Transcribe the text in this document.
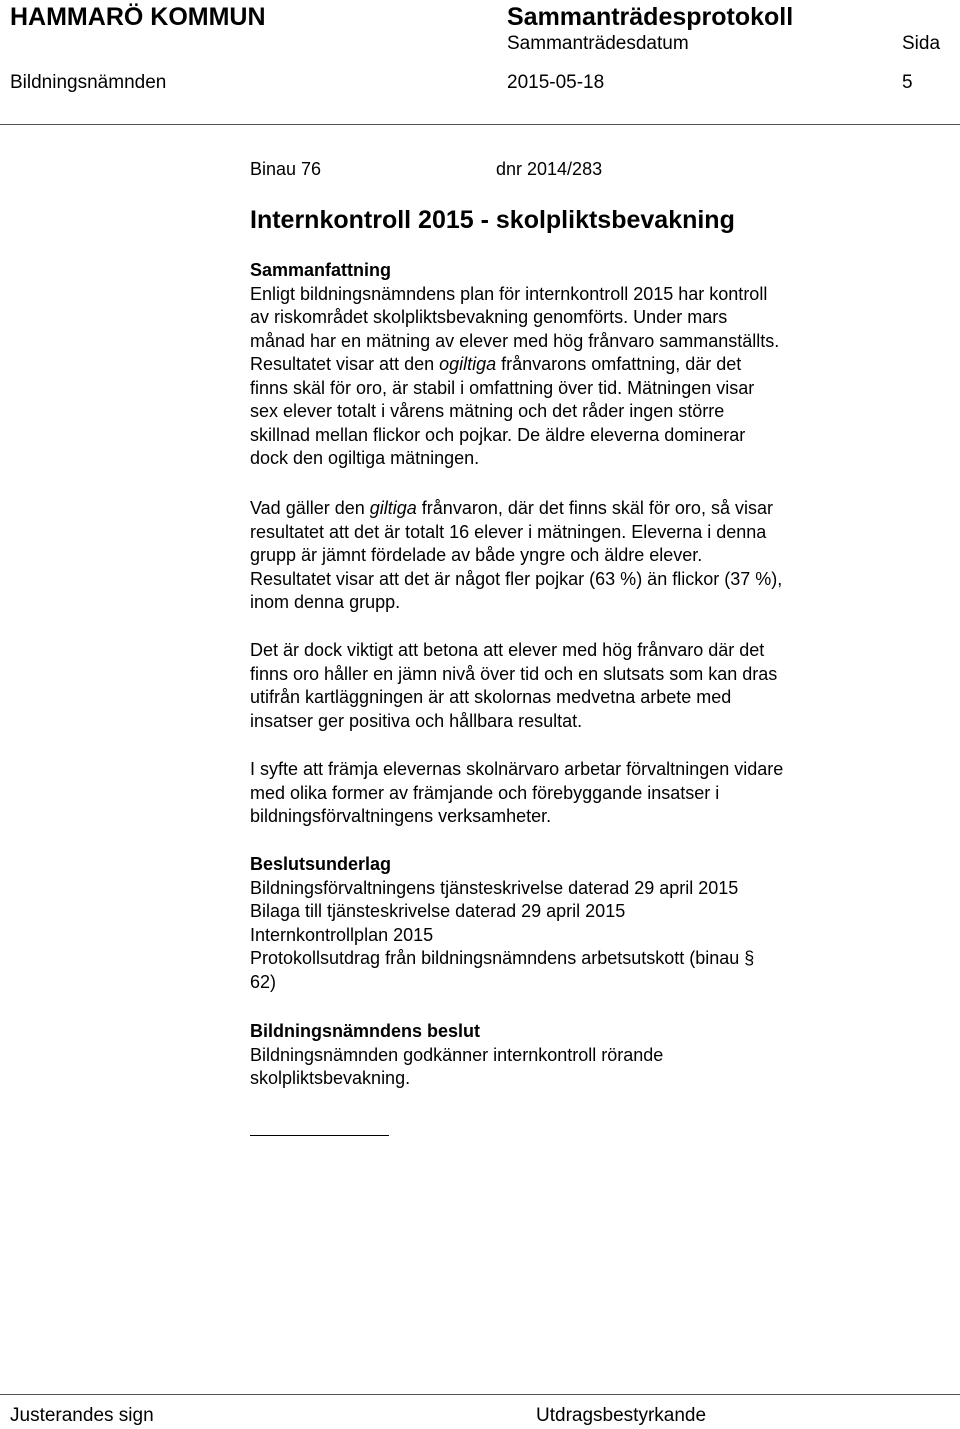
HAMMARÖ KOMMUN	Sammanträdesprotokoll
Sammanträdesdatum	Sida
Bildningsnämnden	2015-05-18	5
Binau 76	dnr 2014/283
Internkontroll 2015 - skolpliktsbevakning
Sammanfattning
Enligt bildningsnämndens plan för internkontroll 2015 har kontroll
av riskområdet skolpliktsbevakning genomförts. Under mars
månad har en mätning av elever med hög frånvaro sammanställts.
Resultatet visar att den ogiltiga frånvarons omfattning, där det
finns skäl för oro, är stabil i omfattning över tid. Mätningen visar
sex elever totalt i vårens mätning och det råder ingen större
skillnad mellan flickor och pojkar. De äldre eleverna dominerar
dock den ogiltiga mätningen.
Vad gäller den giltiga frånvaron, där det finns skäl för oro, så visar
resultatet att det är totalt 16 elever i mätningen. Eleverna i denna
grupp är jämnt fördelade av både yngre och äldre elever.
Resultatet visar att det är något fler pojkar (63 %) än flickor (37 %),
inom denna grupp.
Det är dock viktigt att betona att elever med hög frånvaro där det
finns oro håller en jämn nivå över tid och en slutsats som kan dras
utifrån kartläggningen är att skolornas medvetna arbete med
insatser ger positiva och hållbara resultat.
I syfte att främja elevernas skolnärvaro arbetar förvaltningen vidare
med olika former av främjande och förebyggande insatser i
bildningsförvaltningens verksamheter.
Beslutsunderlag
Bildningsförvaltningens tjänsteskrivelse daterad 29 april 2015
Bilaga till tjänsteskrivelse daterad 29 april 2015
Internkontrollplan 2015
Protokollsutdrag från bildningsnämndens arbetsutskott (binau §
62)
Bildningsnämndens beslut
Bildningsnämnden godkänner internkontroll rörande
skolpliktsbevakning.
Justerandes sign	Utdragsbestyrkande
